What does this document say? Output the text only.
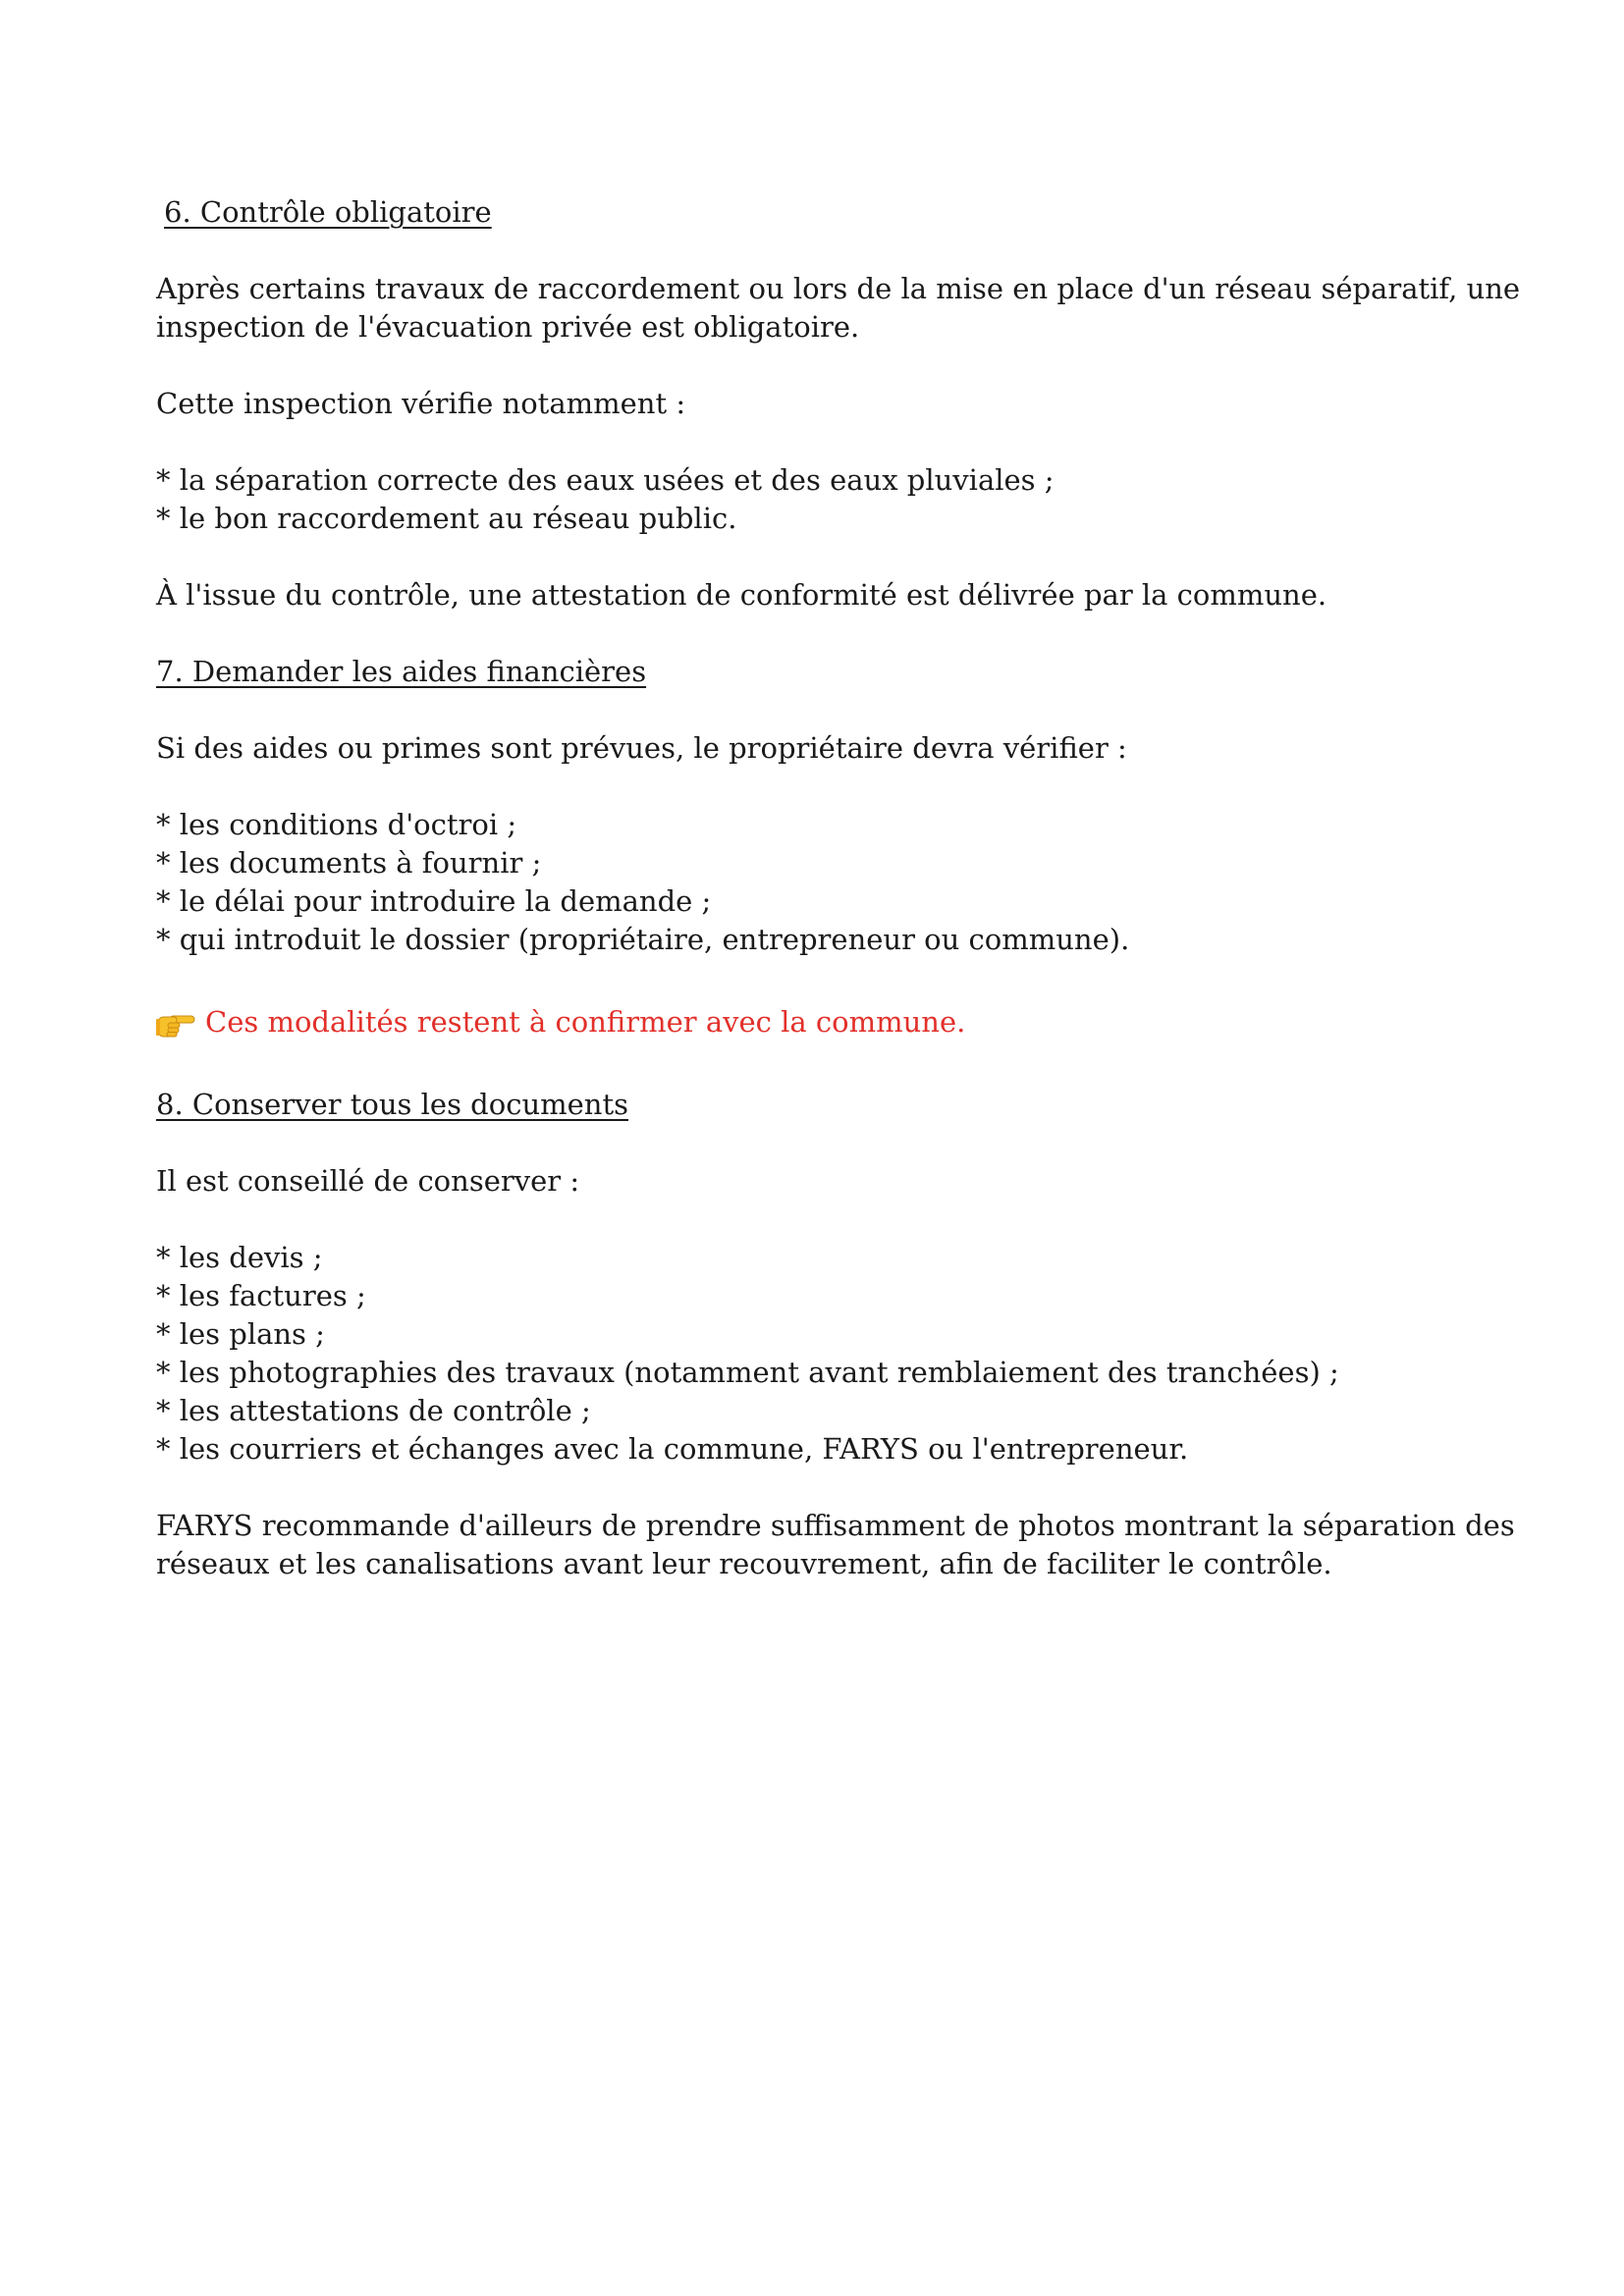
6. Contrôle obligatoire

Après certains travaux de raccordement ou lors de la mise en place d'un réseau séparatif, une

inspection de l'évacuation privée est obligatoire.

Cette inspection vérifie notamment :

* la séparation correcte des eaux usées et des eaux pluviales ;
* le bon raccordement au réseau public.

À l'issue du contrôle, une attestation de conformité est délivrée par la commune.

7. Demander les aides financières

Si des aides ou primes sont prévues, le propriétaire devra vérifier :

* les conditions d'octroi ;
* les documents à fournir ;
* le délai pour introduire la demande ;
* qui introduit le dossier (propriétaire, entrepreneur ou commune).

Ces modalités restent à confirmer avec la commune.

8. Conserver tous les documents

Il est conseillé de conserver :

* les devis ;
* les factures ;
* les plans ;
* les photographies des travaux (notamment avant remblaiement des tranchées) ;
* les attestations de contrôle ;
* les courriers et échanges avec la commune, FARYS ou l'entrepreneur.

FARYS recommande d'ailleurs de prendre suffisamment de photos montrant la séparation des

réseaux et les canalisations avant leur recouvrement, afin de faciliter le contrôle.
